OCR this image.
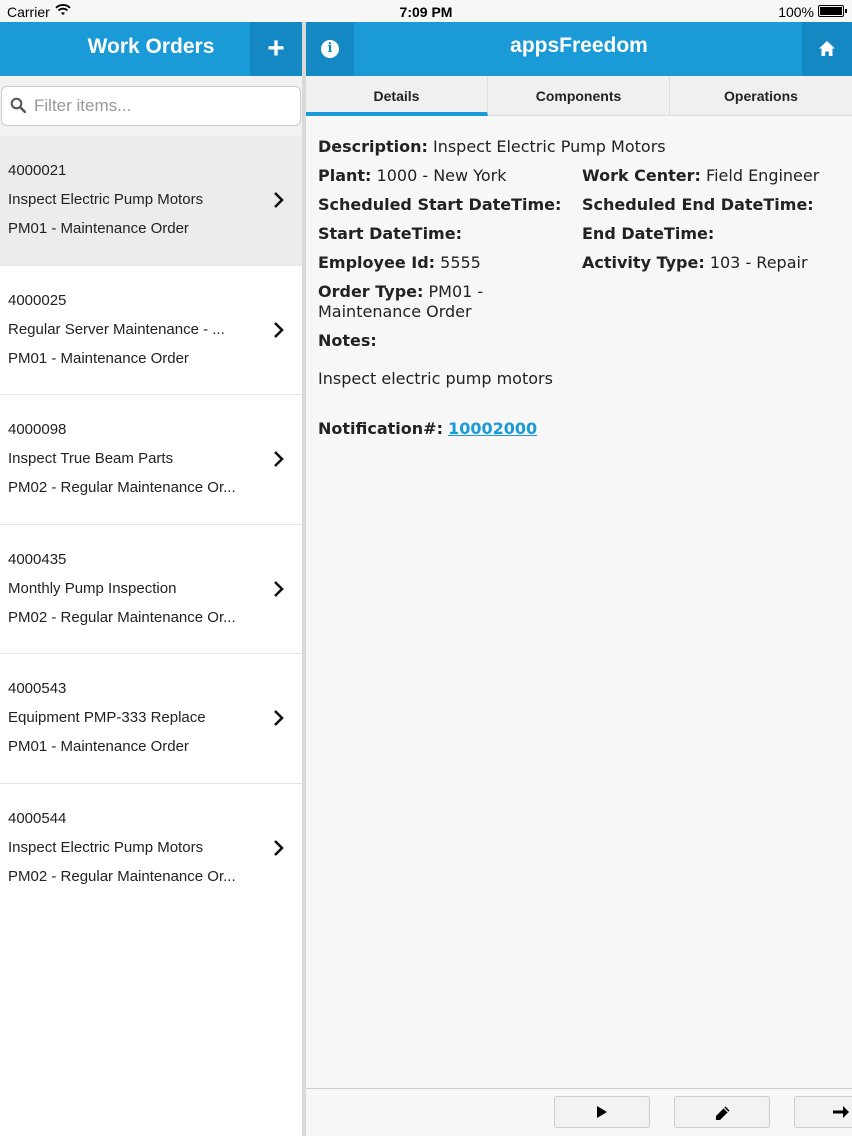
Carrier	7:09 PM	100%
Work Orders	+
Filter items...
4000021
Inspect Electric Pump Motors
PM01 - Maintenance Order
4000025
Regular Server Maintenance - ...
PM01 - Maintenance Order
4000098
Inspect True Beam Parts
PM02 - Regular Maintenance Or...
4000435
Monthly Pump Inspection
PM02 - Regular Maintenance Or...
4000543
Equipment PMP-333 Replace
PM01 - Maintenance Order
4000544
Inspect Electric Pump Motors
PM02 - Regular Maintenance Or...
appsFreedom
i
Details	Components	Operations
Description: Inspect Electric Pump Motors
Plant: 1000 - New York	Work Center: Field Engineer
Scheduled Start DateTime:	Scheduled End DateTime:
Start DateTime:	End DateTime:
Employee Id: 5555	Activity Type: 103 - Repair
Order Type: PM01 -
Maintenance Order
Notes:
Inspect electric pump motors
Notification#: 10002000
